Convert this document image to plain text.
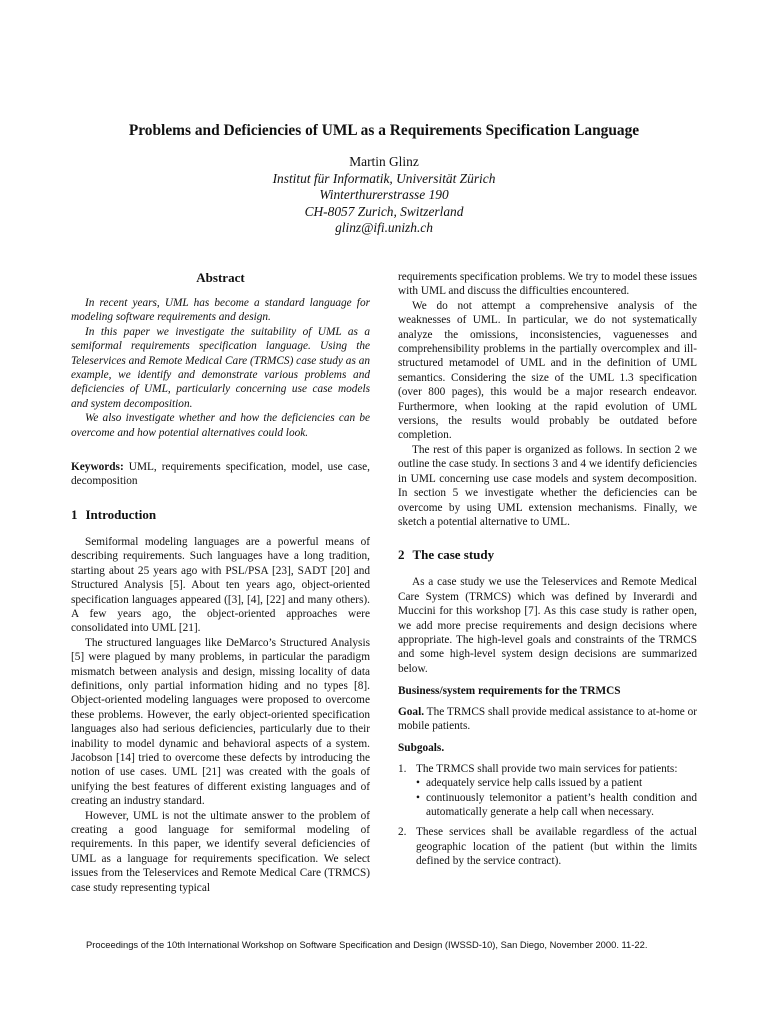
Problems and Deficiencies of UML as a Requirements Specification Language
Martin Glinz
Institut für Informatik, Universität Zürich
Winterthurerstrasse 190
CH-8057 Zurich, Switzerland
glinz@ifi.unizh.ch
Abstract

In recent years, UML has become a standard language for modeling software requirements and design.

In this paper we investigate the suitability of UML as a semiformal requirements specification language. Using the Teleservices and Remote Medical Care (TRMCS) case study as an example, we identify and demonstrate various problems and deficiencies of UML, particularly concerning use case models and system decomposition.

We also investigate whether and how the deficiencies can be overcome and how potential alternatives could look.

Keywords: UML, requirements specification, model, use case, decomposition

1 Introduction

Semiformal modeling languages are a powerful means of describing requirements. Such languages have a long tradition, starting about 25 years ago with PSL/PSA [23], SADT [20] and Structured Analysis [5]. About ten years ago, object-oriented specification languages appeared ([3], [4], [22] and many others). A few years ago, the object-oriented approaches were consolidated into UML [21].

The structured languages like DeMarco’s Structured Analysis [5] were plagued by many problems, in particular the paradigm mismatch between analysis and design, missing locality of data definitions, only partial information hiding and no types [8]. Object-oriented modeling languages were proposed to overcome these problems. However, the early object-oriented specification languages also had serious deficiencies, particularly due to their inability to model dynamic and behavioral aspects of a system. Jacobson [14] tried to overcome these defects by introducing the notion of use cases. UML [21] was created with the goals of unifying the best features of different existing languages and of creating an industry standard.

However, UML is not the ultimate answer to the problem of creating a good language for semiformal modeling of requirements. In this paper, we identify several deficiencies of UML as a language for requirements specification. We select issues from the Teleservices and Remote Medical Care (TRMCS) case study representing typical

requirements specification problems. We try to model these issues with UML and discuss the difficulties encountered.

We do not attempt a comprehensive analysis of the weaknesses of UML. In particular, we do not systematically analyze the omissions, inconsistencies, vaguenesses and comprehensibility problems in the partially overcomplex and ill-structured metamodel of UML and in the definition of UML semantics. Considering the size of the UML 1.3 specification (over 800 pages), this would be a major research endeavor. Furthermore, when looking at the rapid evolution of UML versions, the results would probably be outdated before completion.

The rest of this paper is organized as follows. In section 2 we outline the case study. In sections 3 and 4 we identify deficiencies in UML concerning use case models and system decomposition. In section 5 we investigate whether the deficiencies can be overcome by using UML extension mechanisms. Finally, we sketch a potential alternative to UML.

2 The case study

As a case study we use the Teleservices and Remote Medical Care System (TRMCS) which was defined by Inverardi and Muccini for this workshop [7]. As this case study is rather open, we add more precise requirements and design decisions where appropriate. The high-level goals and constraints of the TRMCS and some high-level system design decisions are summarized below.

Business/system requirements for the TRMCS

Goal. The TRMCS shall provide medical assistance to at-home or mobile patients.

Subgoals.
1. The TRMCS shall provide two main services for patients:
• adequately service help calls issued by a patient
• continuously telemonitor a patient’s health condition and automatically generate a help call when necessary.
2. These services shall be available regardless of the actual geographic location of the patient (but within the limits defined by the service contract).
Proceedings of the 10th International Workshop on Software Specification and Design (IWSSD-10), San Diego, November 2000. 11-22.
